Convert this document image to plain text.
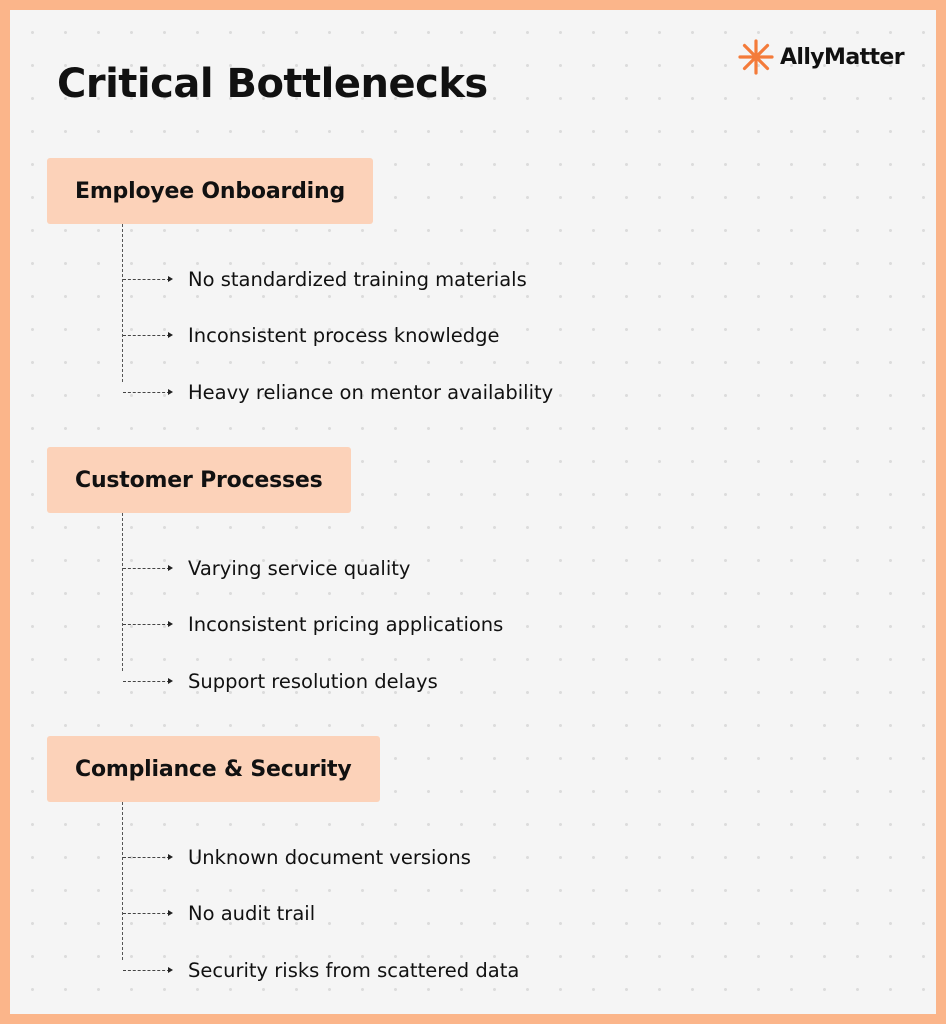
AllyMatter
Critical Bottlenecks
Employee Onboarding
No standardized training materials
Inconsistent process knowledge
Heavy reliance on mentor availability
Customer Processes
Varying service quality
Inconsistent pricing applications
Support resolution delays
Compliance & Security
Unknown document versions
No audit trail
Security risks from scattered data
